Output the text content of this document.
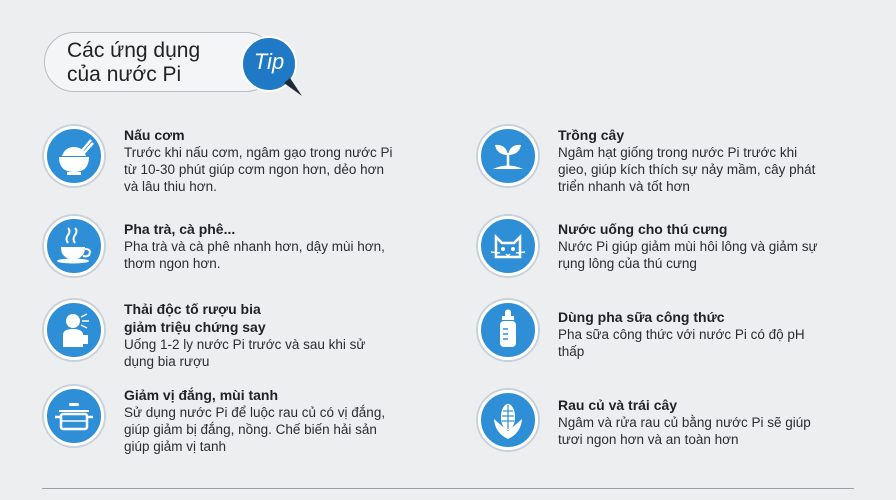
Các ứng dụng
của nước Pi
Tip
Nấu cơm
Trước khi nấu cơm, ngâm gạo trong nước Pi
từ 10-30 phút giúp cơm ngon hơn, dẻo hơn
và lâu thiu hơn.
Trồng cây
Ngâm hạt giống trong nước Pi trước khi
gieo, giúp kích thích sự nảy mầm, cây phát
triển nhanh và tốt hơn
Pha trà, cà phê...
Pha trà và cà phê nhanh hơn, dậy mùi hơn,
thơm ngon hơn.
Nước uống cho thú cưng
Nước Pi giúp giảm mùi hôi lông và giảm sự
rụng lông của thú cưng
Thải độc tố rượu bia
giảm triệu chứng say
Uống 1-2 ly nước Pi trước và sau khi sử
dụng bia rượu
Dùng pha sữa công thức
Pha sữa công thức với nước Pi có độ pH
thấp
Giảm vị đắng, mùi tanh
Sử dụng nước Pi để luộc rau củ có vị đắng,
giúp giảm bị đắng, nồng. Chế biến hải sản
giúp giảm vị tanh
Rau củ và trái cây
Ngâm và rửa rau củ bằng nước Pi sẽ giúp
tươi ngon hơn và an toàn hơn
